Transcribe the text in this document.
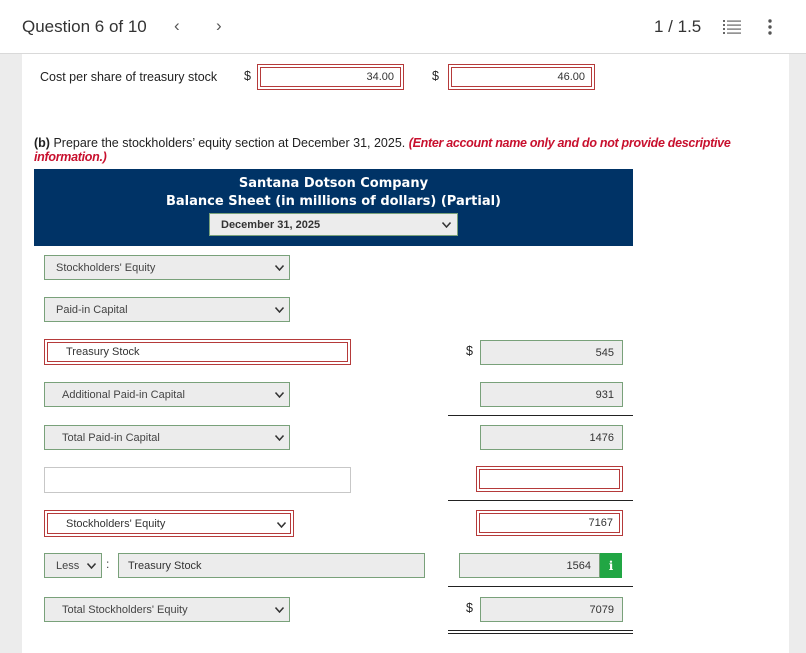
Question 6 of 10 ‹ ›	1 / 1.5
Cost per share of treasury stock $	34.00	$	46.00
(b) Prepare the stockholders’ equity section at December 31, 2025. (Enter account name only and do not provide descriptive information.)
Santana Dotson Company
Balance Sheet (in millions of dollars) (Partial)
December 31, 2025
Stockholders' Equity
Paid-in Capital
Treasury Stock	$	545
Additional Paid-in Capital	931
Total Paid-in Capital	1476
Stockholders' Equity	7167
Less :	Treasury Stock	1564	i
Total Stockholders' Equity	$	7079
